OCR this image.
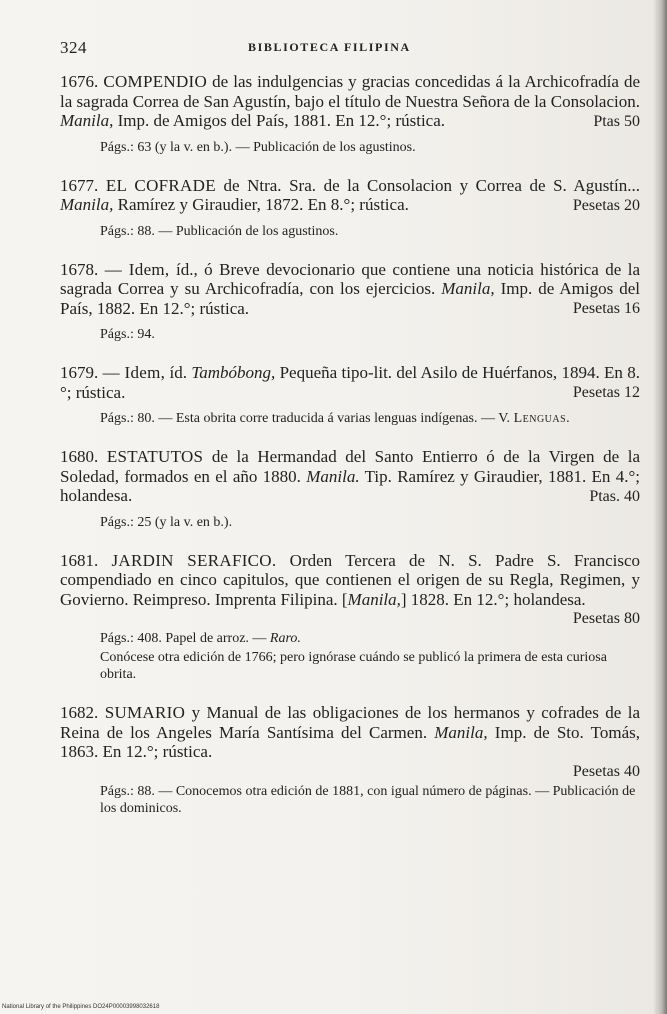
324	BIBLIOTECA FILIPINA

1676. COMPENDIO de las indulgencias y gracias concedidas á la Archicofradía de la sagrada Correa de San Agustín, bajo el título de Nuestra Señora de la Consolacion. Manila, Imp. de Amigos del País, 1881. En 12.°; rústica.	Ptas 50

Págs.: 63 (y la v. en b.). — Publicación de los agustinos.

1677. EL COFRADE de Ntra. Sra. de la Consolacion y Correa de S. Agustín... Manila, Ramírez y Giraudier, 1872. En 8.°; rústica.	Pesetas 20

Págs.: 88. — Publicación de los agustinos.

1678. — Idem, íd., ó Breve devocionario que contiene una noticia histórica de la sagrada Correa y su Archicofradía, con los ejercicios. Manila, Imp. de Amigos del País, 1882. En 12.°; rústica.	Pesetas 16

Págs.: 94.

1679. — Idem, íd. Tambóbong, Pequeña tipo-lit. del Asilo de Huérfanos, 1894. En 8.°; rústica.	Pesetas 12

Págs.: 80. — Esta obrita corre traducida á varias lenguas indígenas. — V. Lenguas.

1680. ESTATUTOS de la Hermandad del Santo Entierro ó de la Virgen de la Soledad, formados en el año 1880. Manila. Tip. Ramírez y Giraudier, 1881. En 4.°; holandesa.	Ptas. 40

Págs.: 25 (y la v. en b.).

1681. JARDIN SERAFICO. Orden Tercera de N. S. Padre S. Francisco compendiado en cinco capitulos, que contienen el origen de su Regla, Regimen, y Govierno. Reimpreso. Imprenta Filipina. [Manila,] 1828. En 12.°; holandesa.

Pesetas 80

Págs.: 408. Papel de arroz. — Raro.

Conócese otra edición de 1766; pero ignórase cuándo se publicó la primera de esta curiosa obrita.

1682. SUMARIO y Manual de las obligaciones de los hermanos y cofrades de la Reina de los Angeles María Santísima del Carmen. Manila, Imp. de Sto. Tomás, 1863. En 12.°; rústica.

Pesetas 40

Págs.: 88. — Conocemos otra edición de 1881, con igual número de páginas. — Publicación de los dominicos.

National Library of the Philippines DO24P00003998032618
